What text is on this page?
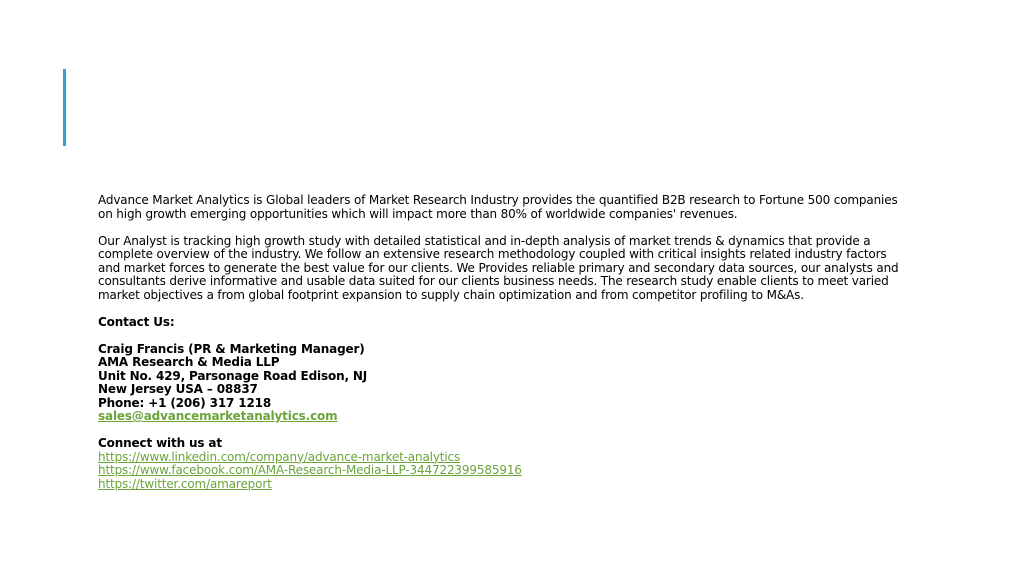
Advance Market Analytics is Global leaders of Market Research Industry provides the quantified B2B research to Fortune 500 companies on high growth emerging opportunities which will impact more than 80% of worldwide companies' revenues.

Our Analyst is tracking high growth study with detailed statistical and in-depth analysis of market trends & dynamics that provide a complete overview of the industry. We follow an extensive research methodology coupled with critical insights related industry factors and market forces to generate the best value for our clients. We Provides reliable primary and secondary data sources, our analysts and consultants derive informative and usable data suited for our clients business needs. The research study enable clients to meet varied market objectives a from global footprint expansion to supply chain optimization and from competitor profiling to M&As.

Contact Us:
Craig Francis (PR & Marketing Manager)
AMA Research & Media LLP
Unit No. 429, Parsonage Road Edison, NJ
New Jersey USA – 08837
Phone: +1 (206) 317 1218
sales@advancemarketanalytics.com
Connect with us at
https://www.linkedin.com/company/advance-market-analytics
https://www.facebook.com/AMA-Research-Media-LLP-344722399585916
https://twitter.com/amareport
